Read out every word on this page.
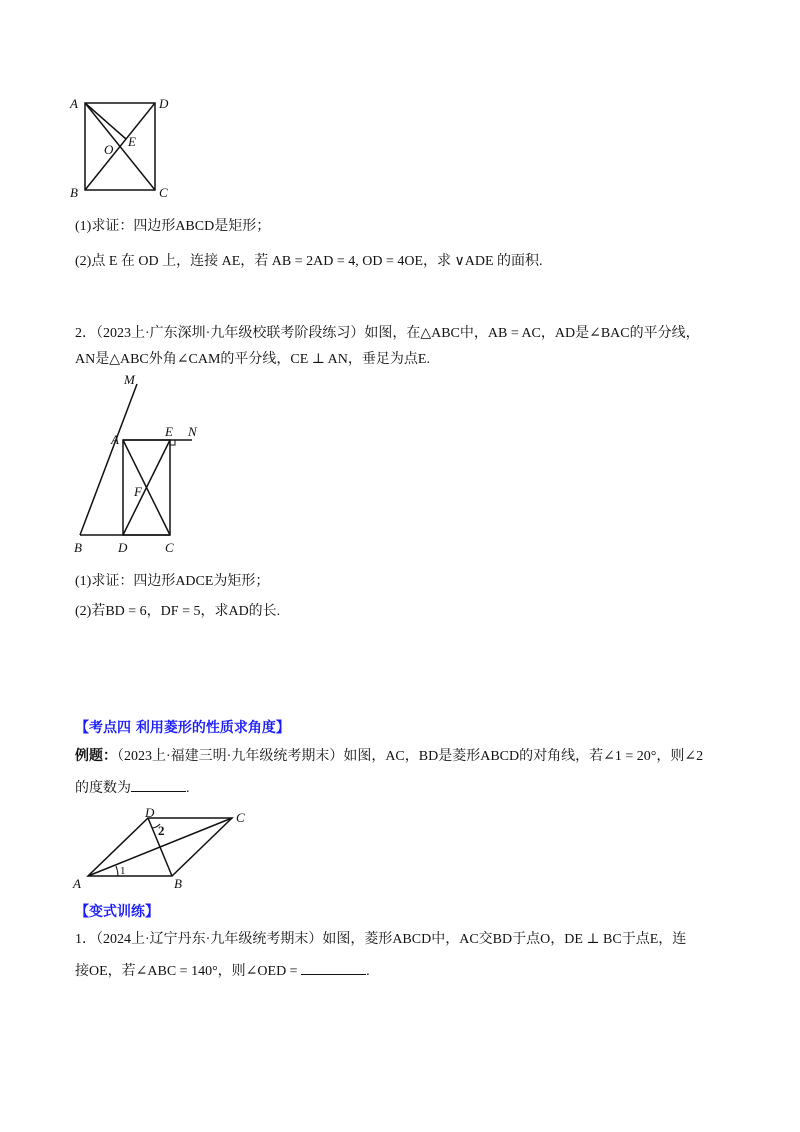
A	D
E
O
B	C
M
A
E N
F
B	D	C
A	B
C
D
1
2
(1)求证：四边形ABCD是矩形；
(2)点 E 在 OD 上，连接 AE，若 AB = 2AD = 4, OD = 4OE，求 ∨ADE 的面积.
2．（2023上·广东深圳·九年级校联考阶段练习）如图，在△ABC中，AB = AC，AD是∠BAC的平分线，
AN是△ABC外角∠CAM的平分线，CE ⊥ AN，垂足为点E.
(1)求证：四边形ADCE为矩形；
(2)若BD = 6，DF = 5，求AD的长.
【考点四 利用菱形的性质求角度】
例题：（2023上·福建三明·九年级统考期末）如图，AC，BD是菱形ABCD的对角线，若∠1 = 20°，则∠2
的度数为	.
【变式训练】
1．（2024上·辽宁丹东·九年级统考期末）如图，菱形ABCD中，AC交BD于点O，DE ⊥ BC于点E，连
接OE，若∠ABC = 140°，则∠OED =	.
